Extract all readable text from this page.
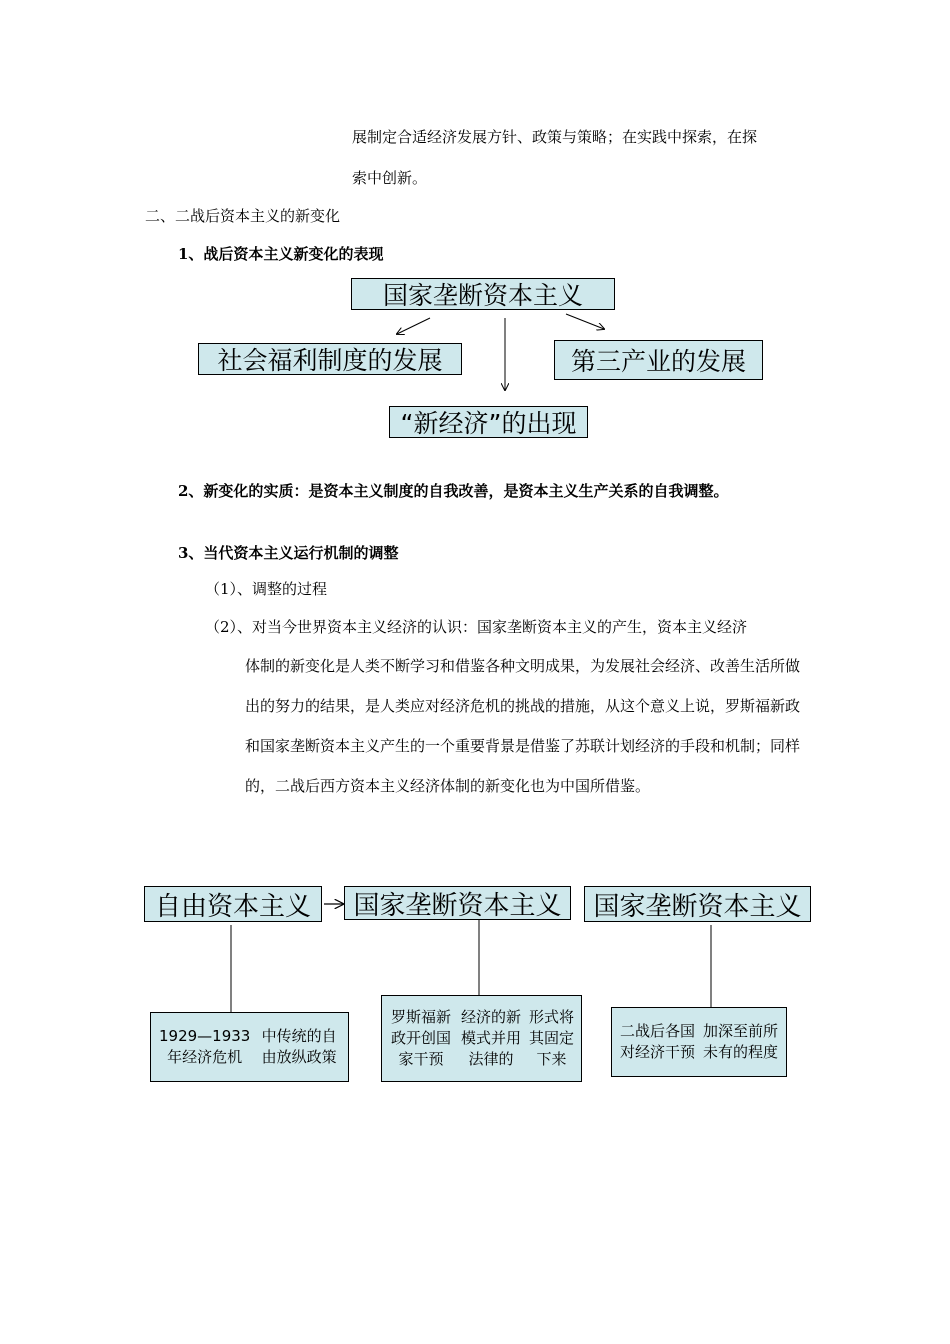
展制定合适经济发展方针、政策与策略；在实践中探索，在探
索中创新。
二、二战后资本主义的新变化
1、战后资本主义新变化的表现
国家垄断资本主义
社会福利制度的发展	第三产业的发展
“新经济”的出现
2、新变化的实质：是资本主义制度的自我改善，是资本主义生产关系的自我调整。
3、当代资本主义运行机制的调整
（1）、调整的过程
（2）、对当今世界资本主义经济的认识：国家垄断资本主义的产生，资本主义经济
体制的新变化是人类不断学习和借鉴各种文明成果，为发展社会经济、改善生活所做出的努力的结果，是人类应对经济危机的挑战的措施，从这个意义上说，罗斯福新政和国家垄断资本主义产生的一个重要背景是借鉴了苏联计划经济的手段和机制；同样的，二战后西方资本主义经济体制的新变化也为中国所借鉴。
自由资本主义	国家垄断资本主义	国家垄断资本主义
1929—1933年经济危机
中传统的自由放纵政策
罗斯福新政开创国家干预
经济的新模式并用法律的
形式将其固定下来
二战后各国对经济干预
加深至前所未有的程度
